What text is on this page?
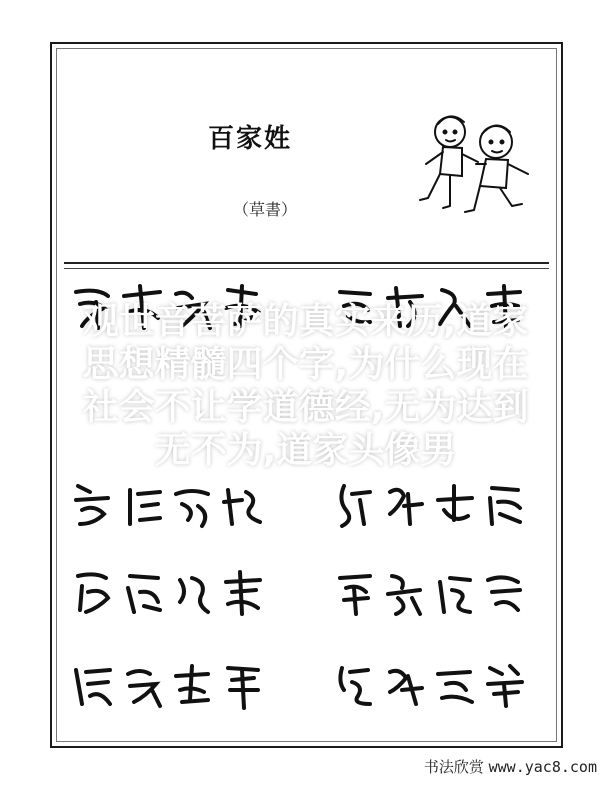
百家姓
（草書）
观世音菩萨的真实来历,道家
思想精髓四个字,为什么现在
社会不让学道德经,无为达到
无不为,道家头像男
书法欣赏 www.yac8.com
